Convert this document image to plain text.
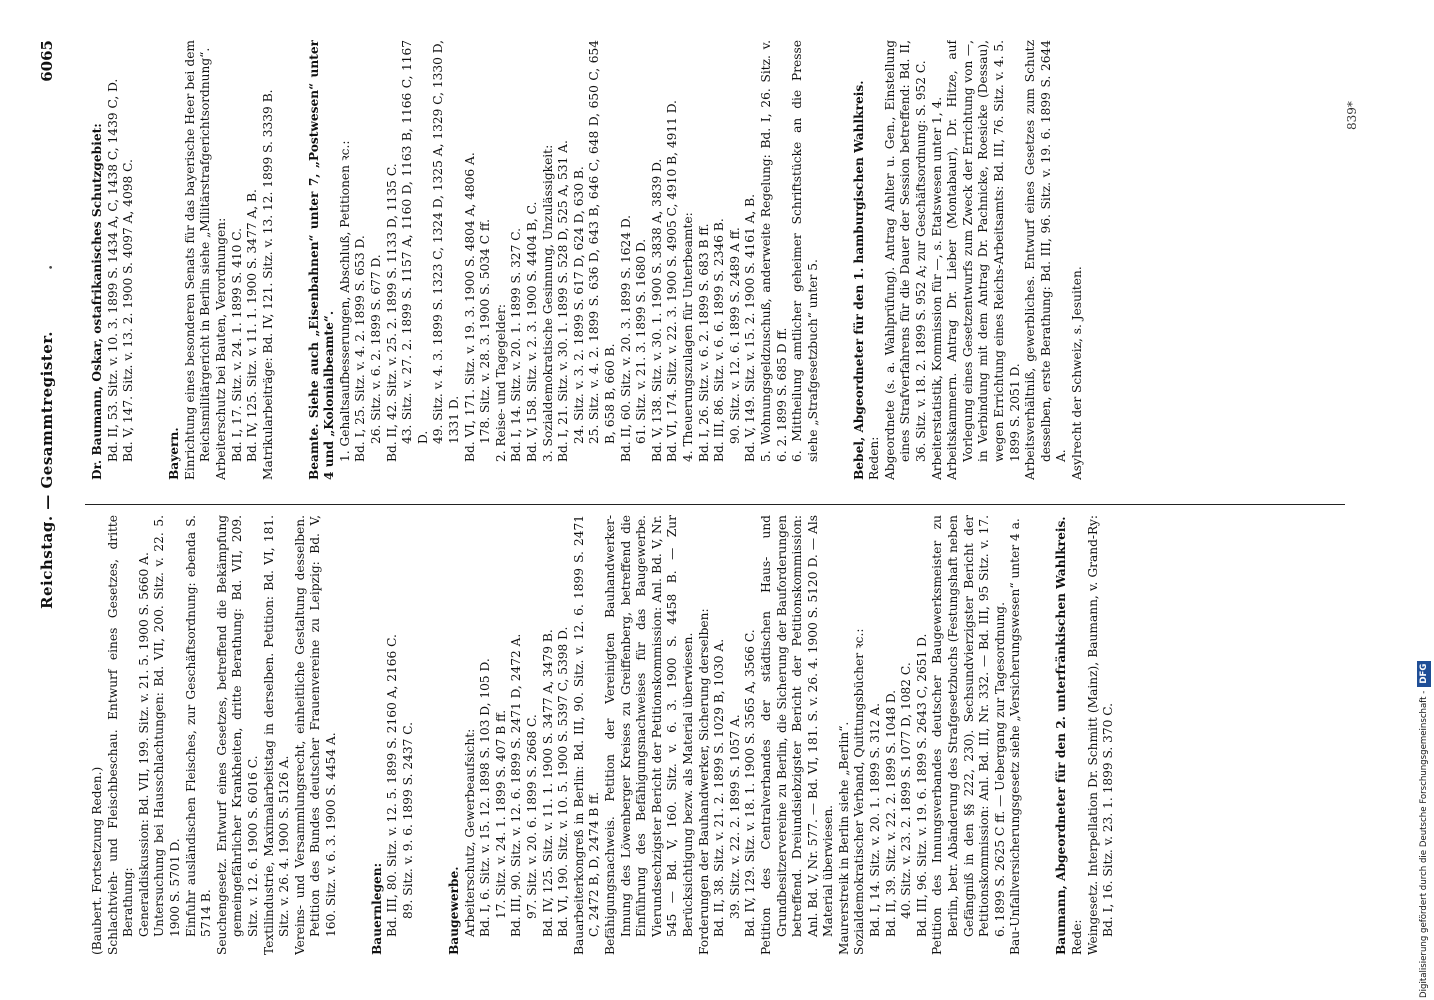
Reichstag. — Gesammtregister.
.
6065

(Baubert. Fortsetzung Reden.) Schlachtvieh- und Fleischbeschau. Entwurf eines Gesetzes, dritte Berathung: Generaldiskussion: Bd. VII, 199. Sitz. v. 21. 5. 1900 S. 5660 A. Untersuchung bei Hausschlachtungen: Bd. VII, 200. Sitz. v. 22. 5. 1900 S. 5701 D. Einfuhr ausländischen Fleisches, zur Geschäftsordnung: ebenda S. 5714 B. Seuchengesetz. Entwurf eines Gesetzes, betreffend die Bekämpfung gemeingefährlicher Krankheiten, dritte Berathung: Bd. VII, 209. Sitz. v. 12. 6. 1900 S. 6016 C. Textilindustrie, Maximalarbeitstag in derselben. Petition: Bd. VI, 181. Sitz. v. 26. 4. 1900 S. 5126 A. Vereins- und Versammlungsrecht, einheitliche Gestaltung desselben. Petition des Bundes deutscher Frauenvereine zu Leipzig: Bd. V, 160. Sitz. v. 6. 3. 1900 S. 4454 A.	Bauernlegen: Bd. III, 80. Sitz. v. 12. 5. 1899 S. 2160 A, 2166 C. 89. Sitz. v. 9. 6. 1899 S. 2437 C.	Baugewerbe. Arbeiterschutz, Gewerbeaufsicht: Bd. I, 6. Sitz. v. 15. 12. 1898 S. 103 D, 105 D. 17. Sitz. v. 24. 1. 1899 S. 407 B ff. Bd. III, 90. Sitz. v. 12. 6. 1899 S. 2471 D, 2472 A. 97. Sitz. v. 20. 6. 1899 S. 2668 C. Bd. IV, 125. Sitz. v. 11. 1. 1900 S. 3477 A, 3479 B. Bd. VI, 190. Sitz. v. 10. 5. 1900 S. 5397 C, 5398 D. Bauarbeiterkongreß in Berlin: Bd. III, 90. Sitz. v. 12. 6. 1899 S. 2471 C, 2472 B, D, 2474 B ff. Befähigungsnachweis. Petition der Vereinigten Bauhandwerker-Innung des Löwenberger Kreises zu Greiffenberg, betreffend die Einführung des Befähigungsnachweises für das Baugewerbe. Vierundsechzigster Bericht der Petitionskommission: Anl. Bd. V, Nr. 545 — Bd. V, 160. Sitz. v. 6. 3. 1900 S. 4458 B. — Zur Berücksichtigung bezw. als Material überwiesen. Forderungen der Bauhandwerker, Sicherung derselben: Bd. II, 38. Sitz. v. 21. 2. 1899 S. 1029 B, 1030 A. 39. Sitz. v. 22. 2. 1899 S. 1057 A. Bd. IV, 129. Sitz. v. 18. 1. 1900 S. 3565 A, 3566 C. Petition des Centralverbandes der städtischen Haus- und Grundbesitzervereine zu Berlin, die Sicherung der Bauforderungen betreffend. Dreiundsiebzigster Bericht der Petitionskommission: Anl. Bd. V, Nr. 577. — Bd. VI, 181. S. v. 26. 4. 1900 S. 5120 D. — Als Material überwiesen. Maurerstreik in Berlin siehe „Berlin“. Sozialdemokratischer Verband, Quittungsbücher ꝛc.: Bd. I, 14. Sitz. v. 20. 1. 1899 S. 312 A. Bd. II, 39. Sitz. v. 22. 2. 1899 S. 1048 D. 40. Sitz. v. 23. 2. 1899 S. 1077 D, 1082 C. Bd. III, 96. Sitz. v. 19. 6. 1899 S. 2643 C, 2651 D. Petition des Innungsverbandes deutscher Baugewerksmeister zu Berlin, betr. Abänderung des Strafgesetzbuchs (Festungshaft neben Gefängniß in den §§ 222, 230). Sechsundvierzigster Bericht der Petitionskommission: Anl. Bd. III, Nr. 332. — Bd. III, 95 Sitz. v. 17. 6. 1899 S. 2625 C ff. — Uebergang zur Tagesordnung. Bau-Unfallversicherungsgesetz siehe „Versicherungswesen“ unter 4 a.	Baumann, Abgeordneter für den 2. unterfränkischen Wahlkreis. Rede: Weingesetz. Interpellation Dr. Schmitt (Mainz), Baumann, v. Grand-Ry: Bd. I, 16. Sitz. v. 23. 1. 1899 S. 370 C.

Dr. Baumann, Oskar, ostafrikanisches Schutzgebiet: Bd. II, 53. Sitz. v. 10. 3. 1899 S. 1434 A, C, 1438 C, 1439 C, D. Bd. V, 147. Sitz. v. 13. 2. 1900 S. 4097 A, 4098 C.	Bayern. Einrichtung eines besonderen Senats für das bayerische Heer bei dem Reichsmilitärgericht in Berlin siehe „Militärstrafgerichtsordnung“. Arbeiterschutz bei Bauten, Verordnungen: Bd. I, 17. Sitz. v. 24. 1. 1899 S. 410 C. Bd. IV, 125. Sitz. v. 11. 1. 1900 S. 3477 A, B. Matrikularbeiträge: Bd. IV, 121. Sitz. v. 13. 12. 1899 S. 3339 B.	Beamte. Siehe auch „Eisenbahnen“ unter 7, „Postwesen“ unter 4 und „Kolonialbeamte“. 1. Gehaltsaufbesserungen, Abschluß, Petitionen ꝛc.: Bd. I, 25. Sitz. v. 4. 2. 1899 S. 653 D. 26. Sitz. v. 6. 2. 1899 S. 677 D. Bd. II, 42. Sitz. v. 25. 2. 1899 S. 1133 D, 1135 C. 43. Sitz. v. 27. 2. 1899 S. 1157 A, 1160 D, 1163 B, 1166 C, 1167 D. 49. Sitz. v. 4. 3. 1899 S. 1323 C, 1324 D, 1325 A, 1329 C, 1330 D, 1331 D. Bd. VI, 171. Sitz. v. 19. 3. 1900 S. 4804 A, 4806 A. 178. Sitz. v. 28. 3. 1900 S. 5034 C ff. 2. Reise- und Tagegelder: Bd. I, 14. Sitz. v. 20. 1. 1899 S. 327 C. Bd. V, 158. Sitz. v. 2. 3. 1900 S. 4404 B, C. 3. Sozialdemokratische Gesinnung, Unzulässigkeit: Bd. I, 21. Sitz. v. 30. 1. 1899 S. 528 D, 525 A, 531 A. 24. Sitz. v. 3. 2. 1899 S. 617 D, 624 D, 630 B. 25. Sitz. v. 4. 2. 1899 S. 636 D, 643 B, 646 C, 648 D, 650 C, 654 B, 658 B, 660 B. Bd. II, 60. Sitz. v. 20. 3. 1899 S. 1624 D. 61. Sitz. v. 21. 3. 1899 S. 1680 D. Bd. V, 138. Sitz. v. 30. 1. 1900 S. 3838 A, 3839 D. Bd. VI, 174. Sitz. v. 22. 3. 1900 S. 4905 C, 4910 B, 4911 D. 4. Theuerungszulagen für Unterbeamte: Bd. I, 26. Sitz. v. 6. 2. 1899 S. 683 B ff. Bd. III, 86. Sitz. v. 6. 6. 1899 S. 2346 B. 90. Sitz. v. 12. 6. 1899 S. 2489 A ff. Bd. V, 149. Sitz. v. 15. 2. 1900 S. 4161 A, B. 5. Wohnungsgeldzuschuß, anderweite Regelung: Bd. I, 26. Sitz. v. 6. 2. 1899 S. 685 D ff. 6. Mittheilung amtlicher geheimer Schriftstücke an die Presse siehe „Strafgesetzbuch“ unter 5.	Bebel, Abgeordneter für den 1. hamburgischen Wahlkreis. Reden: Abgeordnete (s. a. Wahlprüfung). Antrag Ahlter u. Gen., Einstellung eines Strafverfahrens für die Dauer der Session betreffend: Bd. II, 36. Sitz. v. 18. 2. 1899 S. 952 A; zur Geschäftsordnung: S. 952 C. Arbeiterstatistik, Kommission für —, s. Etatswesen unter 1, 4. Arbeitskammern. Antrag Dr. Lieber (Montabaur), Dr. Hitze, auf Vorlegung eines Gesetzentwurfs zum Zweck der Errichtung von —, in Verbindung mit dem Antrag Dr. Pachnicke, Roesicke (Dessau), wegen Errichtung eines Reichs-Arbeitsamts: Bd. III, 76. Sitz. v. 4. 5. 1899 S. 2051 D. Arbeitsverhältniß, gewerbliches. Entwurf eines Gesetzes zum Schutz desselben, erste Berathung: Bd. III, 96. Sitz. v. 19. 6. 1899 S. 2644 A. Asylrecht der Schweiz, s. Jesuiten.

839*
Digitalisierung gefördert durch die Deutsche Forschungsgemeinschaft -DFG
